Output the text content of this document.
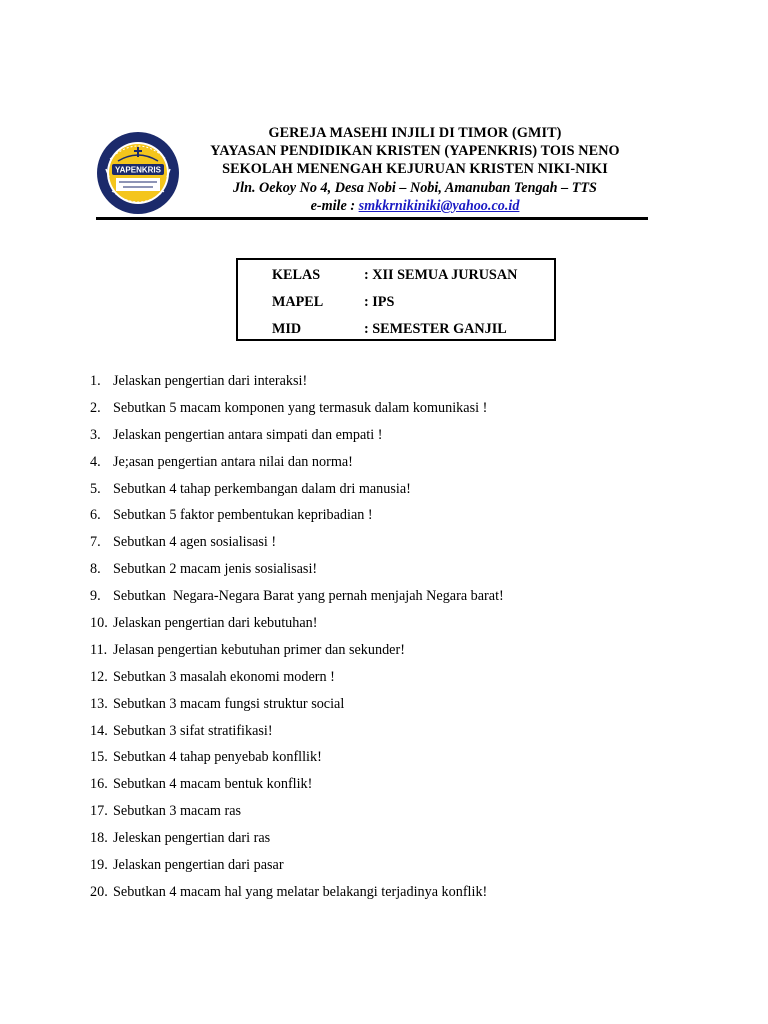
YAPENKRIS
GEREJA MASEHI INJILI DI TIMOR (GMIT)
YAYASAN PENDIDIKAN KRISTEN (YAPENKRIS) TOIS NENO
SEKOLAH MENENGAH KEJURUAN KRISTEN NIKI-NIKI
Jln. Oekoy No 4, Desa Nobi – Nobi, Amanuban Tengah – TTS
e-mile : smkkrnikiniki@yahoo.co.id
KELAS	: XII SEMUA JURUSAN
MAPEL	: IPS
MID	: SEMESTER GANJIL
1. Jelaskan pengertian dari interaksi!
2. Sebutkan 5 macam komponen yang termasuk dalam komunikasi !
3. Jelaskan pengertian antara simpati dan empati !
4. Je;asan pengertian antara nilai dan norma!
5. Sebutkan 4 tahap perkembangan dalam dri manusia!
6. Sebutkan 5 faktor pembentukan kepribadian !
7. Sebutkan 4 agen sosialisasi !
8. Sebutkan 2 macam jenis sosialisasi!
9. Sebutkan  Negara-Negara Barat yang pernah menjajah Negara barat!
10. Jelaskan pengertian dari kebutuhan!
11. Jelasan pengertian kebutuhan primer dan sekunder!
12. Sebutkan 3 masalah ekonomi modern !
13. Sebutkan 3 macam fungsi struktur social
14. Sebutkan 3 sifat stratifikasi!
15. Sebutkan 4 tahap penyebab konfllik!
16. Sebutkan 4 macam bentuk konflik!
17. Sebutkan 3 macam ras
18. Jeleskan pengertian dari ras
19. Jelaskan pengertian dari pasar
20. Sebutkan 4 macam hal yang melatar belakangi terjadinya konflik!
